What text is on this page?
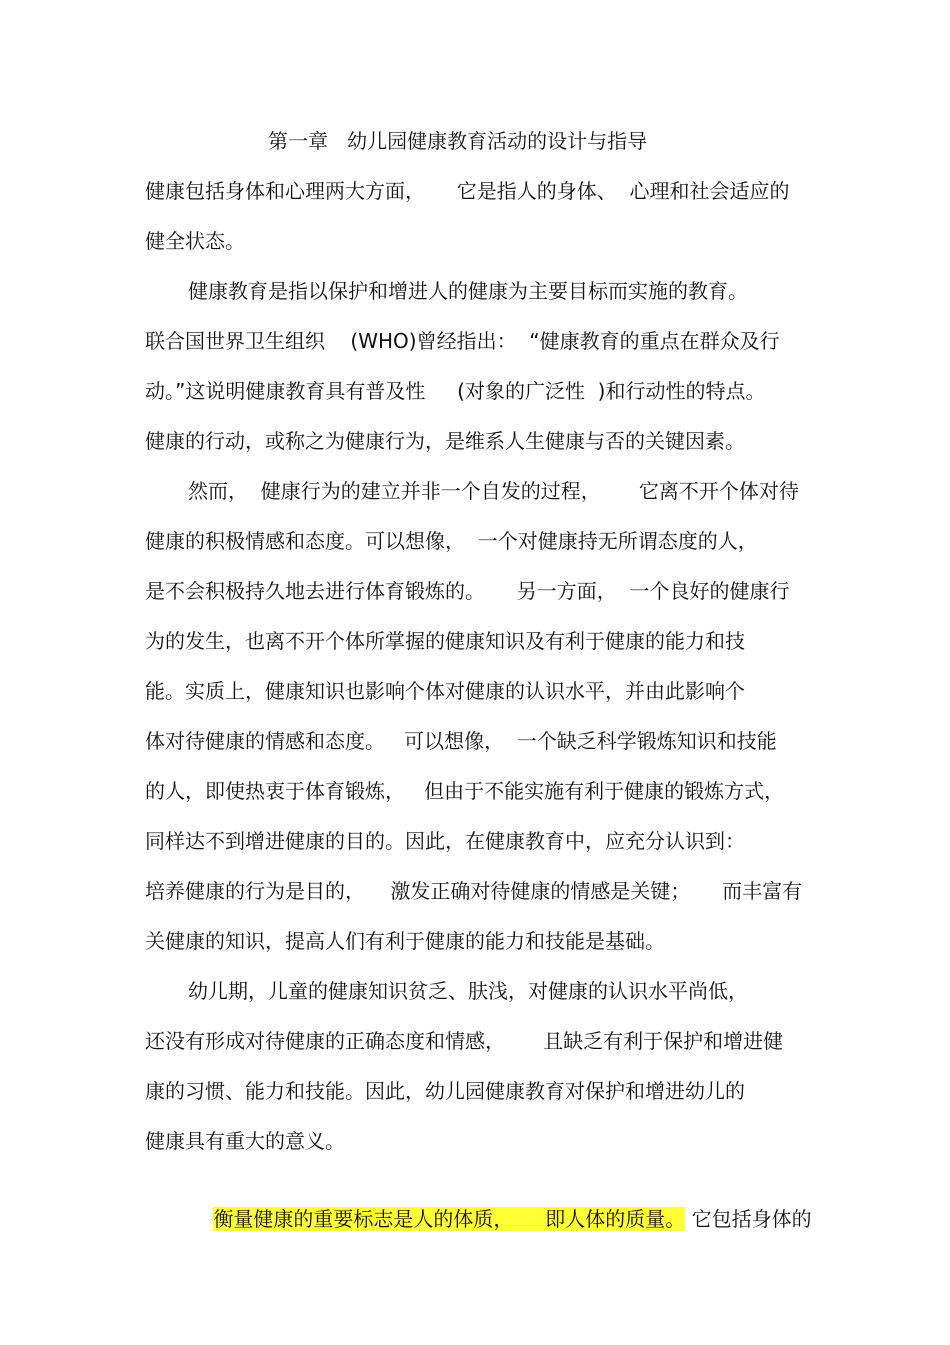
第一章   幼儿园健康教育活动的设计与指导
健康包括身体和心理两大方面，     它是指人的身体、  心理和社会适应的
健全状态。
健康教育是指以保护和增进人的健康为主要目标而实施的教育。
联合国世界卫生组织    (WHO)曾经指出：  “健康教育的重点在群众及行
动。”这说明健康教育具有普及性     (对象的广泛性  )和行动性的特点。
健康的行动，或称之为健康行为，是维系人生健康与否的关键因素。
然而，  健康行为的建立并非一个自发的过程，      它离不开个体对待
健康的积极情感和态度。可以想像，  一个对健康持无所谓态度的人，
是不会积极持久地去进行体育锻炼的。     另一方面，  一个良好的健康行
为的发生，也离不开个体所掌握的健康知识及有利于健康的能力和技
能。实质上，健康知识也影响个体对健康的认识水平，并由此影响个
体对待健康的情感和态度。   可以想像，  一个缺乏科学锻炼知识和技能
的人，即使热衷于体育锻炼，   但由于不能实施有利于健康的锻炼方式，
同样达不到增进健康的目的。因此，在健康教育中，应充分认识到：
培养健康的行为是目的，    激发正确对待健康的情感是关键；     而丰富有
关健康的知识，提高人们有利于健康的能力和技能是基础。
幼儿期，儿童的健康知识贫乏、肤浅，对健康的认识水平尚低，
还没有形成对待健康的正确态度和情感，      且缺乏有利于保护和增进健
康的习惯、能力和技能。因此，幼儿园健康教育对保护和增进幼儿的
健康具有重大的意义。

衡量健康的重要标志是人的体质，     即人体的质量。 它包括身体的
